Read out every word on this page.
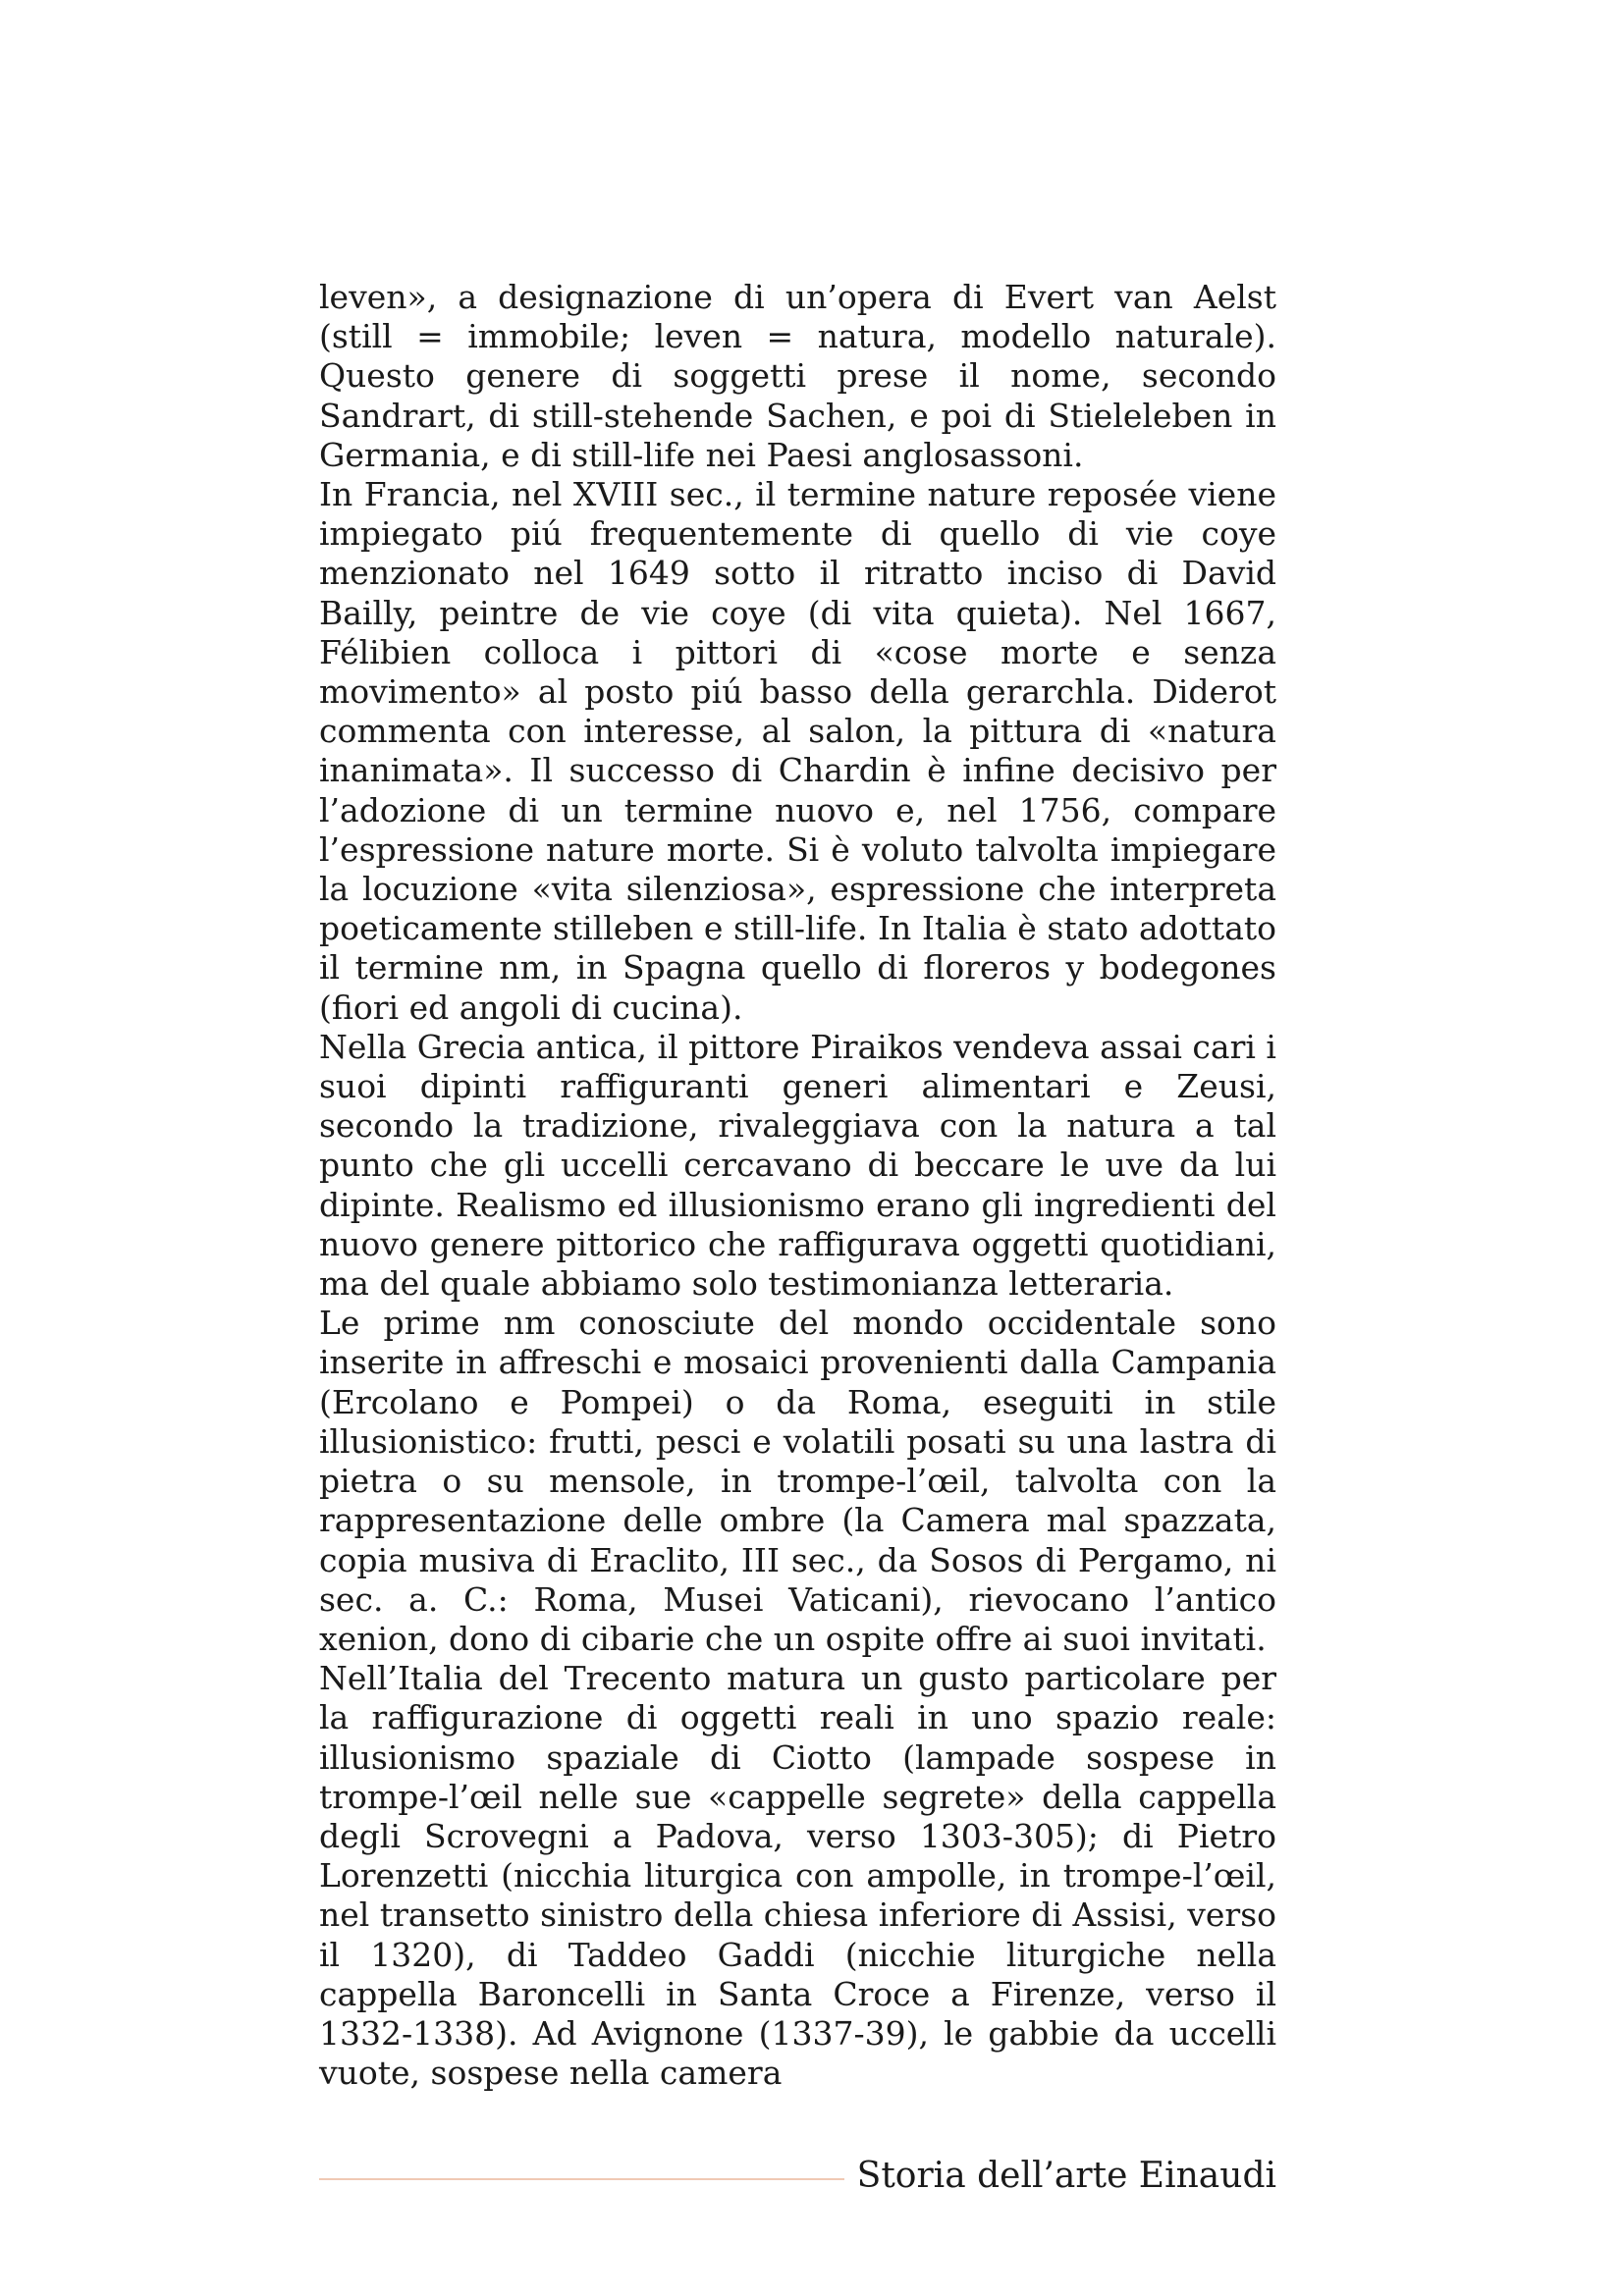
leven», a designazione di un’opera di Evert van Aelst (still = immobile; leven = natura, modello naturale). Questo genere di soggetti prese il nome, secondo Sandrart, di still-stehende Sachen, e poi di Stieleleben in Germania, e di still-life nei Paesi anglosassoni.

In Francia, nel XVIII sec., il termine nature reposée viene impiegato piú frequentemente di quello di vie coye menzionato nel 1649 sotto il ritratto inciso di David Bailly, peintre de vie coye (di vita quieta). Nel 1667, Félibien colloca i pittori di «cose morte e senza movimento» al posto piú basso della gerarchla. Diderot commenta con interesse, al salon, la pittura di «natura inanimata». Il successo di Chardin è infine decisivo per l’adozione di un termine nuovo e, nel 1756, compare l’espressione nature morte. Si è voluto talvolta impiegare la locuzione «vita silenziosa», espressione che interpreta poeticamente stilleben e still-life. In Italia è stato adottato il termine nm, in Spagna quello di floreros y bodegones (fiori ed angoli di cucina).

Nella Grecia antica, il pittore Piraikos vendeva assai cari i suoi dipinti raffiguranti generi alimentari e Zeusi, secondo la tradizione, rivaleggiava con la natura a tal punto che gli uccelli cercavano di beccare le uve da lui dipinte. Realismo ed illusionismo erano gli ingredienti del nuovo genere pittorico che raffigurava oggetti quotidiani, ma del quale abbiamo solo testimonianza letteraria.

Le prime nm conosciute del mondo occidentale sono inserite in affreschi e mosaici provenienti dalla Campania (Ercolano e Pompei) o da Roma, eseguiti in stile illusionistico: frutti, pesci e volatili posati su una lastra di pietra o su mensole, in trompe-l’œil, talvolta con la rappresentazione delle ombre (la Camera mal spazzata, copia musiva di Eraclito, III sec., da Sosos di Pergamo, ni sec. a. C.: Roma, Musei Vaticani), rievocano l’antico xenion, dono di cibarie che un ospite offre ai suoi invitati.

Nell’Italia del Trecento matura un gusto particolare per la raffigurazione di oggetti reali in uno spazio reale: illusionismo spaziale di Ciotto (lampade sospese in trompe-l’œil nelle sue «cappelle segrete» della cappella degli Scrovegni a Padova, verso 1303-305); di Pietro Lorenzetti (nicchia liturgica con ampolle, in trompe-l’œil, nel transetto sinistro della chiesa inferiore di Assisi, verso il 1320), di Taddeo Gaddi (nicchie liturgiche nella cappella Baroncelli in Santa Croce a Firenze, verso il 1332-1338). Ad Avignone (1337-39), le gabbie da uccelli vuote, sospese nella camera

Storia dell’arte Einaudi
